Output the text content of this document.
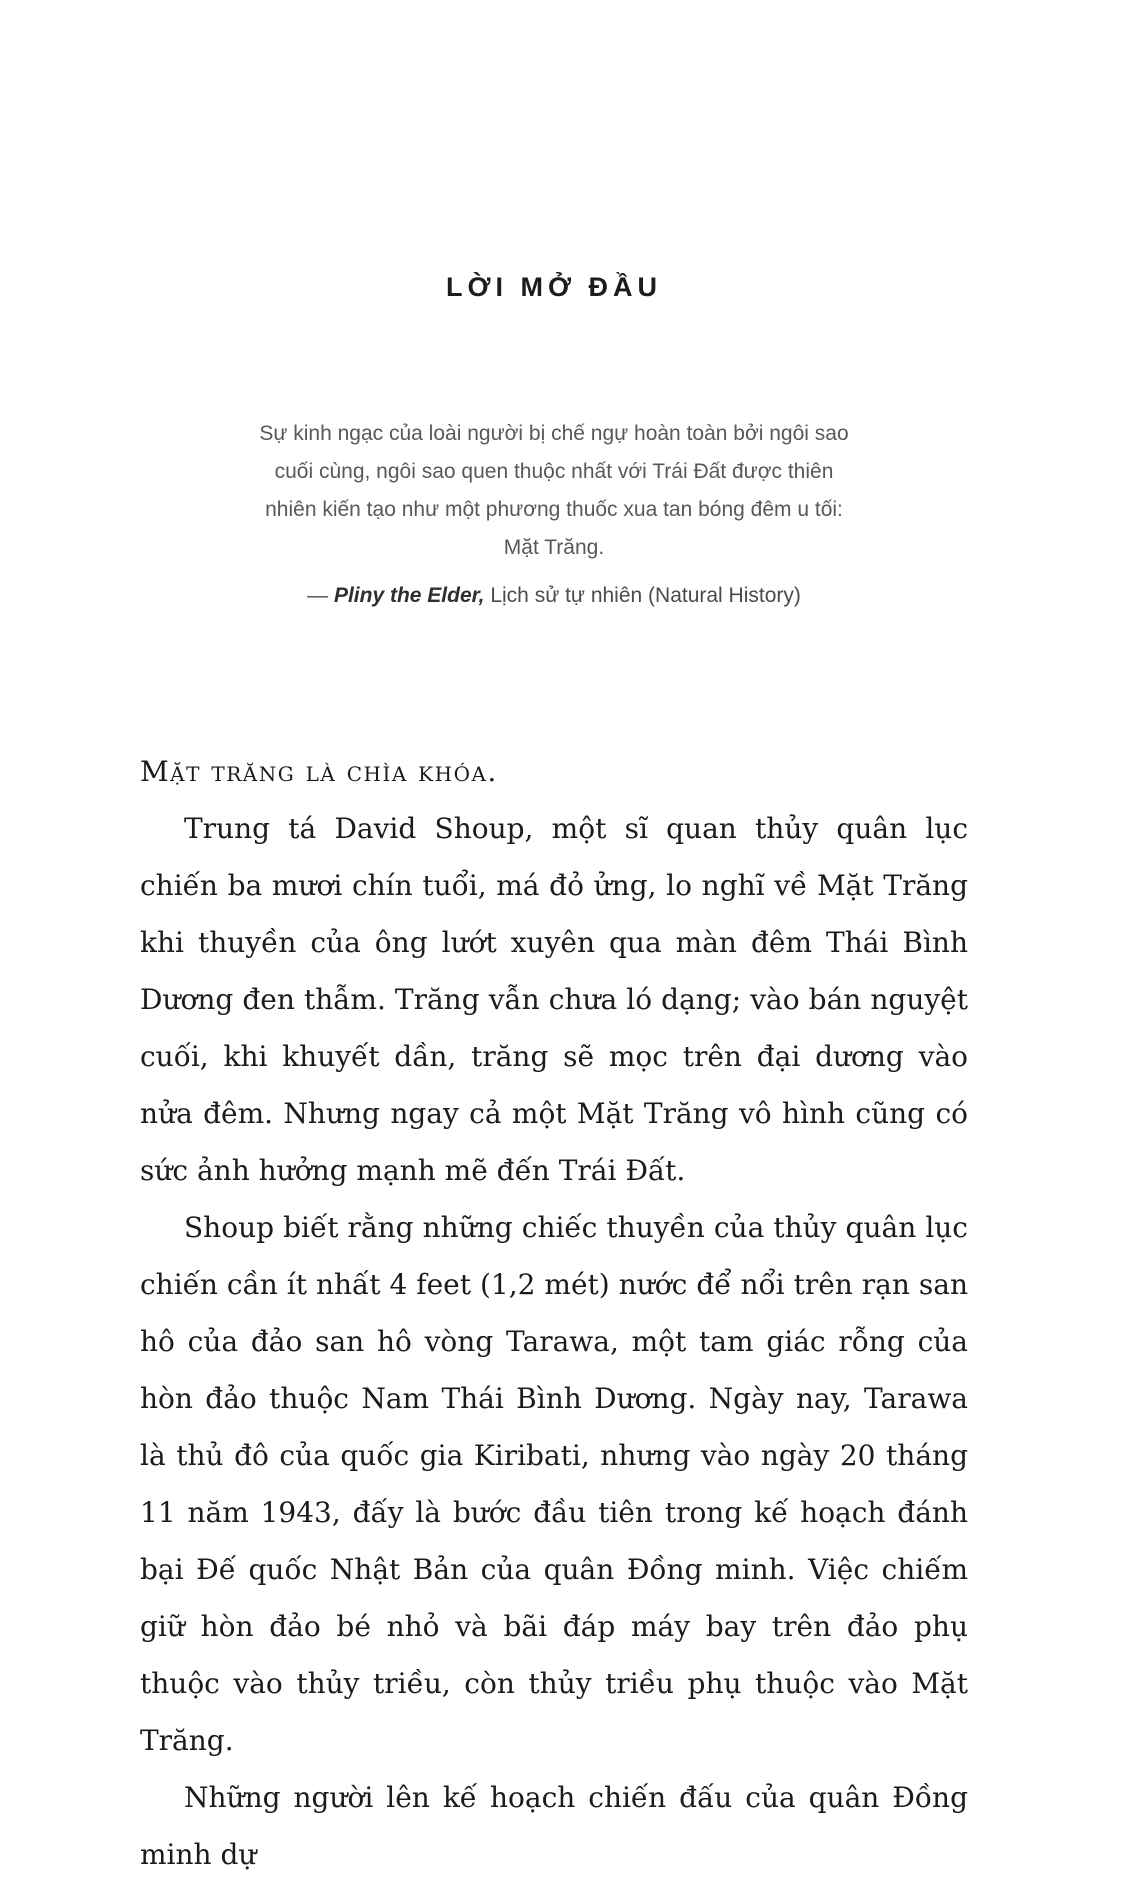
LỜI MỞ ĐẦU
Sự kinh ngạc của loài người bị chế ngự hoàn toàn bởi ngôi sao
cuối cùng, ngôi sao quen thuộc nhất với Trái Đất được thiên
nhiên kiến tạo như một phương thuốc xua tan bóng đêm u tối:
Mặt Trăng.
— Pliny the Elder, Lịch sử tự nhiên (Natural History)

Mặt trăng là chìa khóa.

Trung tá David Shoup, một sĩ quan thủy quân lục chiến ba mươi chín tuổi, má đỏ ửng, lo nghĩ về Mặt Trăng khi thuyền của ông lướt xuyên qua màn đêm Thái Bình Dương đen thẫm. Trăng vẫn chưa ló dạng; vào bán nguyệt cuối, khi khuyết dần, trăng sẽ mọc trên đại dương vào nửa đêm. Nhưng ngay cả một Mặt Trăng vô hình cũng có sức ảnh hưởng mạnh mẽ đến Trái Đất.

Shoup biết rằng những chiếc thuyền của thủy quân lục chiến cần ít nhất 4 feet (1,2 mét) nước để nổi trên rạn san hô của đảo san hô vòng Tarawa, một tam giác rỗng của hòn đảo thuộc Nam Thái Bình Dương. Ngày nay, Tarawa là thủ đô của quốc gia Kiribati, nhưng vào ngày 20 tháng 11 năm 1943, đấy là bước đầu tiên trong kế hoạch đánh bại Đế quốc Nhật Bản của quân Đồng minh. Việc chiếm giữ hòn đảo bé nhỏ và bãi đáp máy bay trên đảo phụ thuộc vào thủy triều, còn thủy triều phụ thuộc vào Mặt Trăng.

Những người lên kế hoạch chiến đấu của quân Đồng minh dự
